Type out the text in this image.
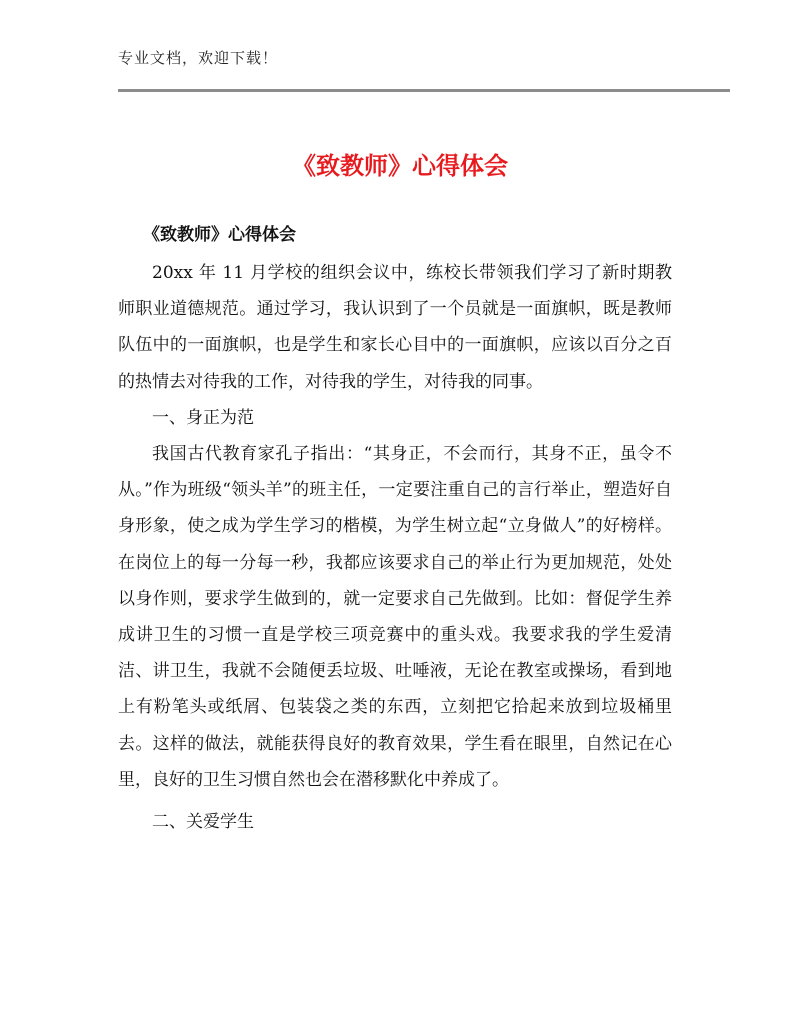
专业文档，欢迎下载！
《致教师》心得体会
《致教师》心得体会

20xx 年 11 月学校的组织会议中，练校长带领我们学习了新时期教师职业道德规范。通过学习，我认识到了一个员就是一面旗帜，既是教师队伍中的一面旗帜，也是学生和家长心目中的一面旗帜，应该以百分之百的热情去对待我的工作，对待我的学生，对待我的同事。

一、身正为范

我国古代教育家孔子指出：“其身正，不会而行，其身不正，虽令不从。”作为班级“领头羊”的班主任，一定要注重自己的言行举止，塑造好自身形象，使之成为学生学习的楷模，为学生树立起“立身做人”的好榜样。在岗位上的每一分每一秒，我都应该要求自己的举止行为更加规范，处处以身作则，要求学生做到的，就一定要求自己先做到。比如：督促学生养成讲卫生的习惯一直是学校三项竞赛中的重头戏。我要求我的学生爱清洁、讲卫生，我就不会随便丢垃圾、吐唾液，无论在教室或操场，看到地上有粉笔头或纸屑、包装袋之类的东西，立刻把它拾起来放到垃圾桶里去。这样的做法，就能获得良好的教育效果，学生看在眼里，自然记在心里，良好的卫生习惯自然也会在潜移默化中养成了。

二、关爱学生
